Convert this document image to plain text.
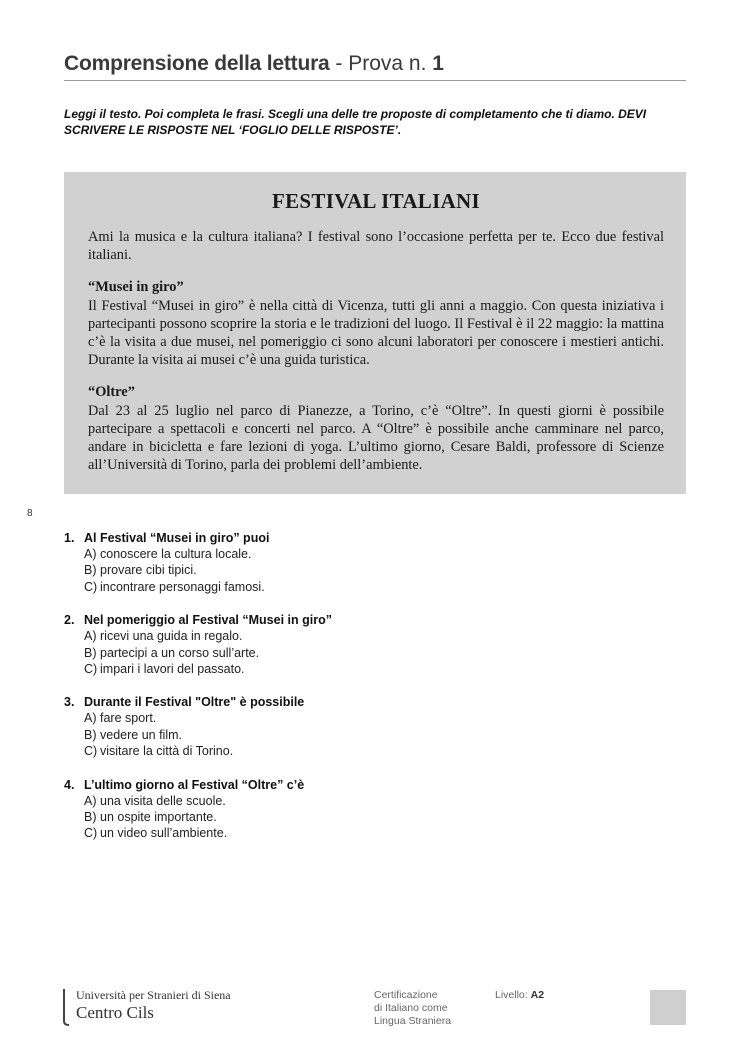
Comprensione della lettura - Prova n. 1
Leggi il testo. Poi completa le frasi. Scegli una delle tre proposte di completamento che ti diamo. DEVI SCRIVERE LE RISPOSTE NEL ‘FOGLIO DELLE RISPOSTE’.
FESTIVAL ITALIANI

Ami la musica e la cultura italiana? I festival sono l’occasione perfetta per te. Ecco due festival italiani.

“Musei in giro”

Il Festival “Musei in giro” è nella città di Vicenza, tutti gli anni a maggio. Con questa iniziativa i partecipanti possono scoprire la storia e le tradizioni del luogo. Il Festival è il 22 maggio: la mattina c’è la visita a due musei, nel pomeriggio ci sono alcuni laboratori per conoscere i mestieri antichi. Durante la visita ai musei c’è una guida turistica.

“Oltre”

Dal 23 al 25 luglio nel parco di Pianezze, a Torino, c’è “Oltre”. In questi giorni è possibile partecipare a spettacoli e concerti nel parco. A “Oltre” è possibile anche camminare nel parco, andare in bicicletta e fare lezioni di yoga. L’ultimo giorno, Cesare Baldi, professore di Scienze all’Università di Torino, parla dei problemi dell’ambiente.

8
1. Al Festival “Musei in giro” puoi
A) conoscere la cultura locale.
B) provare cibi tipici.
C) incontrare personaggi famosi.
2. Nel pomeriggio al Festival “Musei in giro”
A) ricevi una guida in regalo.
B) partecipi a un corso sull’arte.
C) impari i lavori del passato.
3. Durante il Festival "Oltre" è possibile
A) fare sport.
B) vedere un film.
C) visitare la città di Torino.
4. L’ultimo giorno al Festival “Oltre” c’è
A) una visita delle scuole.
B) un ospite importante.
C) un video sull’ambiente.
Università per Stranieri di Siena
Centro Cils
Certificazione
di Italiano come
Lingua Straniera
Livello: A2
